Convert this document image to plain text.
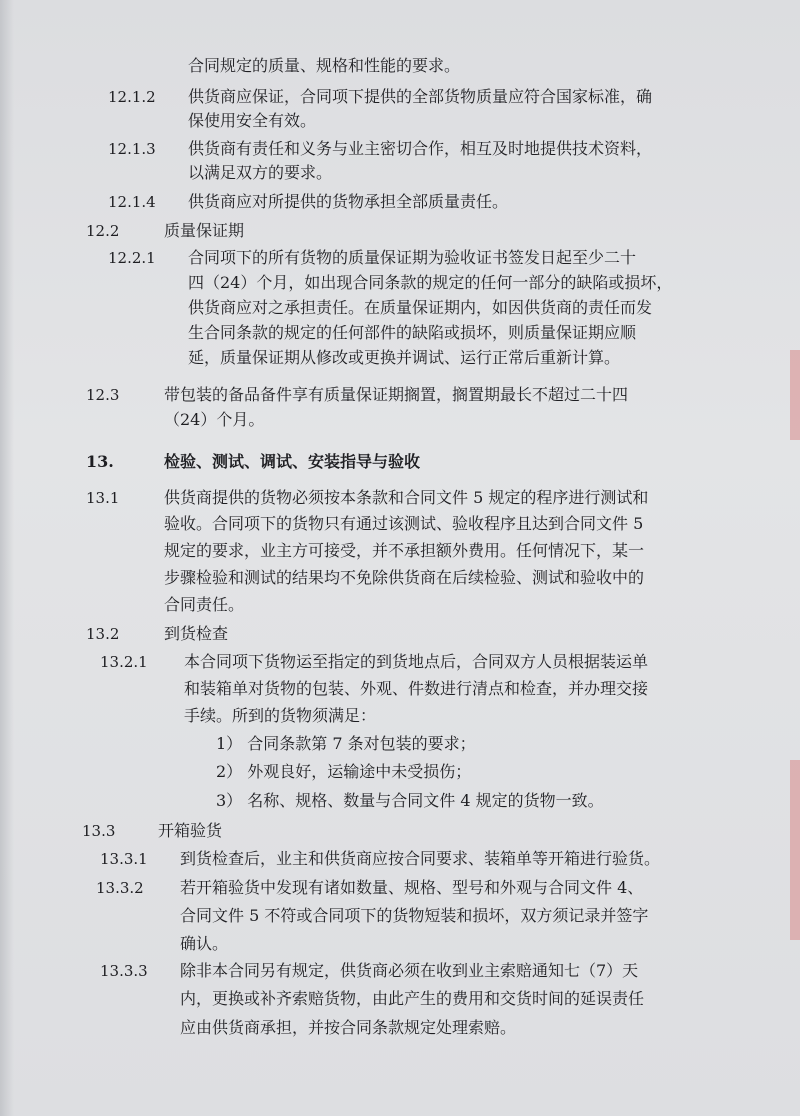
合同规定的质量、规格和性能的要求。
12.1.2 供货商应保证，合同项下提供的全部货物质量应符合国家标准，确
保使用安全有效。
12.1.3 供货商有责任和义务与业主密切合作，相互及时地提供技术资料，
以满足双方的要求。
12.1.4 供货商应对所提供的货物承担全部质量责任。
12.2	质量保证期
12.2.1 合同项下的所有货物的质量保证期为验收证书签发日起至少二十
四（24）个月，如出现合同条款的规定的任何一部分的缺陷或损坏，
供货商应对之承担责任。在质量保证期内，如因供货商的责任而发
生合同条款的规定的任何部件的缺陷或损坏，则质量保证期应顺
延，质量保证期从修改或更换并调试、运行正常后重新计算。
12.3	带包装的备品备件享有质量保证期搁置，搁置期最长不超过二十四
（24）个月。
13.	检验、测试、调试、安装指导与验收
13.1	供货商提供的货物必须按本条款和合同文件 5 规定的程序进行测试和
验收。合同项下的货物只有通过该测试、验收程序且达到合同文件 5
规定的要求，业主方可接受，并不承担额外费用。任何情况下，某一
步骤检验和测试的结果均不免除供货商在后续检验、测试和验收中的
合同责任。
13.2	到货检查
13.2.1 本合同项下货物运至指定的到货地点后，合同双方人员根据装运单
和装箱单对货物的包装、外观、件数进行清点和检查，并办理交接
手续。所到的货物须满足：
1） 合同条款第 7 条对包装的要求；
2） 外观良好，运输途中未受损伤；
3） 名称、规格、数量与合同文件 4 规定的货物一致。
13.3	开箱验货
13.3.1 到货检查后，业主和供货商应按合同要求、装箱单等开箱进行验货。
13.3.2 若开箱验货中发现有诸如数量、规格、型号和外观与合同文件 4、
合同文件 5 不符或合同项下的货物短装和损坏，双方须记录并签字
确认。
13.3.3 除非本合同另有规定，供货商必须在收到业主索赔通知七（7）天
内，更换或补齐索赔货物，由此产生的费用和交货时间的延误责任
应由供货商承担，并按合同条款规定处理索赔。
